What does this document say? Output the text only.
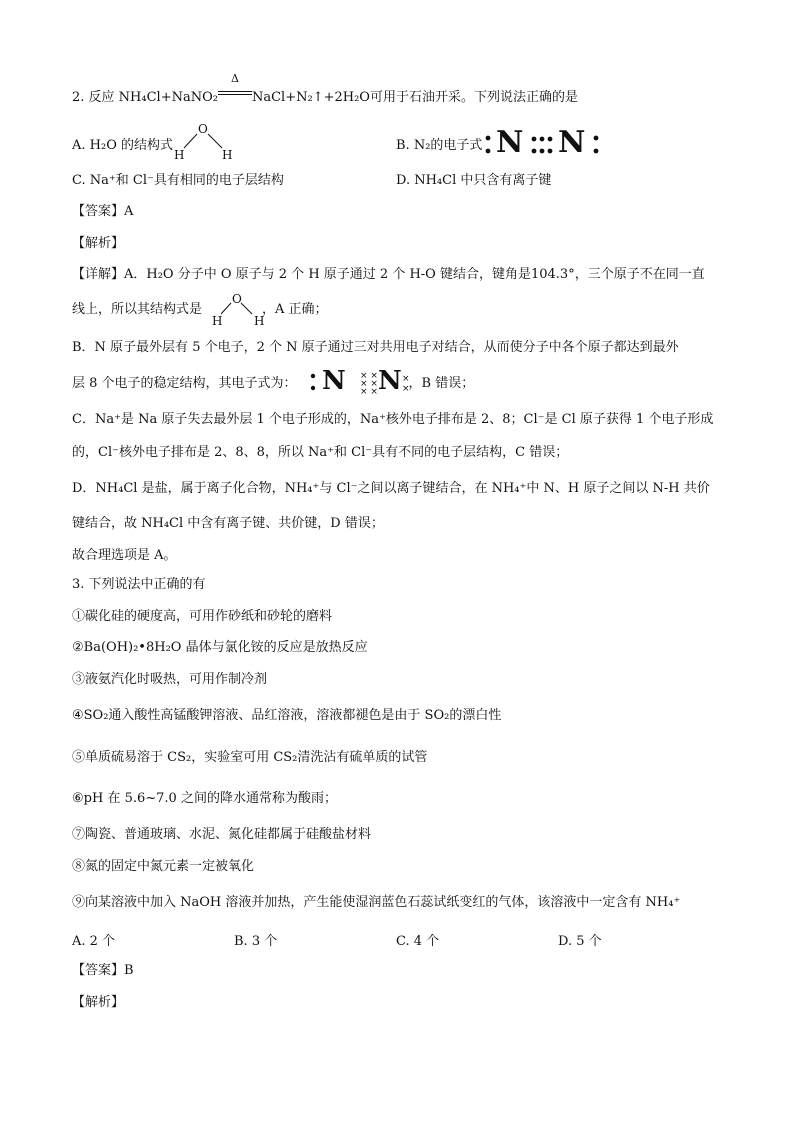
2. 反应 NH₄Cl+NaNO₂
Δ
NaCl+N₂↑+2H₂O可用于石油开采。下列说法正确的是
A. H₂O 的结构式
O
H	H
B. N₂的电子式 N N
C. Na⁺和 Cl⁻具有相同的电子层结构	D. NH₄Cl 中只含有离子键
【答案】A
【解析】
【详解】A．H₂O 分子中 O 原子与 2 个 H 原子通过 2 个 H-O 键结合，键角是104.3°，三个原子不在同一直
线上，所以其结构式是	，A 正确；
O
H	H
B．N 原子最外层有 5 个电子，2 个 N 原子通过三对共用电子对结合，从而使分子中各个原子都达到最外
层 8 个电子的稳定结构，其电子式为：	，B 错误；
× ×
× ×
× ×
×
×
N N
C．Na⁺是 Na 原子失去最外层 1 个电子形成的，Na⁺核外电子排布是 2、8；Cl⁻是 Cl 原子获得 1 个电子形成
的，Cl⁻核外电子排布是 2、8、8，所以 Na⁺和 Cl⁻具有不同的电子层结构，C 错误；
D．NH₄Cl 是盐，属于离子化合物，NH₄⁺与 Cl⁻之间以离子键结合，在 NH₄⁺中 N、H 原子之间以 N-H 共价
键结合，故 NH₄Cl 中含有离子键、共价键，D 错误；
故合理选项是 A。
3. 下列说法中正确的有
①碳化硅的硬度高，可用作砂纸和砂轮的磨料
②Ba(OH)₂•8H₂O 晶体与氯化铵的反应是放热反应
③液氨汽化时吸热，可用作制冷剂
④SO₂通入酸性高锰酸钾溶液、品红溶液，溶液都褪色是由于 SO₂的漂白性
⑤单质硫易溶于 CS₂，实验室可用 CS₂清洗沾有硫单质的试管
⑥pH 在 5.6~7.0 之间的降水通常称为酸雨；
⑦陶瓷、普通玻璃、水泥、氮化硅都属于硅酸盐材料
⑧氮的固定中氮元素一定被氧化
⑨向某溶液中加入 NaOH 溶液并加热，产生能使湿润蓝色石蕊试纸变红的气体，该溶液中一定含有 NH₄⁺
A. 2 个	B. 3 个	C. 4 个	D. 5 个
【答案】B
【解析】
